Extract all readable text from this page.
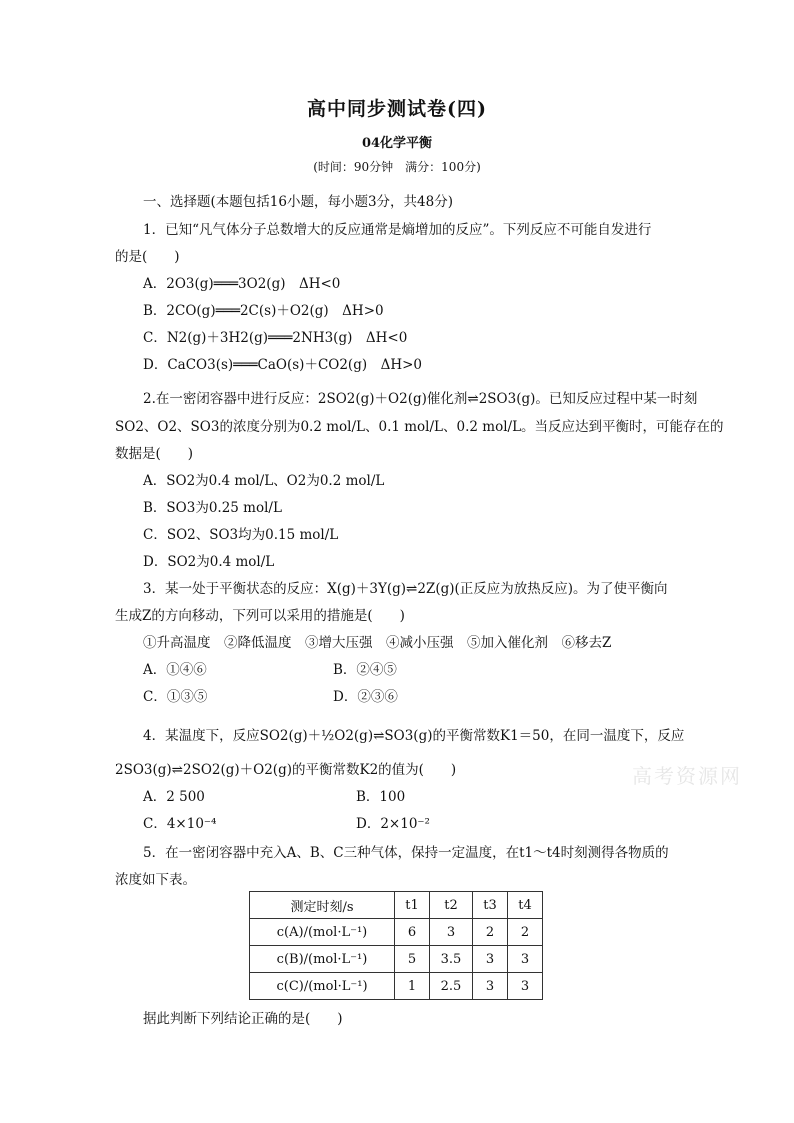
高中同步测试卷(四)
04化学平衡
(时间：90分钟　满分：100分)
一、选择题(本题包括16小题，每小题3分，共48分)
1．已知“凡气体分子总数增大的反应通常是熵增加的反应”。下列反应不可能自发进行
的是(　　)
A．2O3(g)═══3O2(g)　ΔH<0
B．2CO(g)═══2C(s)＋O2(g)　ΔH>0
C．N2(g)＋3H2(g)═══2NH3(g)　ΔH<0
D．CaCO3(s)═══CaO(s)＋CO2(g)　ΔH>0
2.在一密闭容器中进行反应：2SO2(g)＋O2(g)催化剂⇌2SO3(g)。已知反应过程中某一时刻
SO2、O2、SO3的浓度分别为0.2 mol/L、0.1 mol/L、0.2 mol/L。当反应达到平衡时，可能存在的
数据是(　　)
A．SO2为0.4 mol/L、O2为0.2 mol/L
B．SO3为0.25 mol/L
C．SO2、SO3均为0.15 mol/L
D．SO2为0.4 mol/L
3．某一处于平衡状态的反应：X(g)＋3Y(g)⇌2Z(g)(正反应为放热反应)。为了使平衡向
生成Z的方向移动，下列可以采用的措施是(　　)
①升高温度　②降低温度　③增大压强　④减小压强　⑤加入催化剂　⑥移去Z
A．①④⑥	B．②④⑤
C．①③⑤	D．②③⑥
4．某温度下，反应SO2(g)＋½O2(g)⇌SO3(g)的平衡常数K1＝50，在同一温度下，反应
2SO3(g)⇌2SO2(g)＋O2(g)的平衡常数K2的值为(　　)
A．2 500	B．100
C．4×10⁻⁴	D．2×10⁻²
高考资源网
5．在一密闭容器中充入A、B、C三种气体，保持一定温度，在t1～t4时刻测得各物质的
浓度如下表。
测定时刻/s	t1	t2	t3	t4
c(A)/(mol·L⁻¹)	6	3	2	2
c(B)/(mol·L⁻¹)	5	3.5	3	3
c(C)/(mol·L⁻¹)	1	2.5	3	3
据此判断下列结论正确的是(　　)
